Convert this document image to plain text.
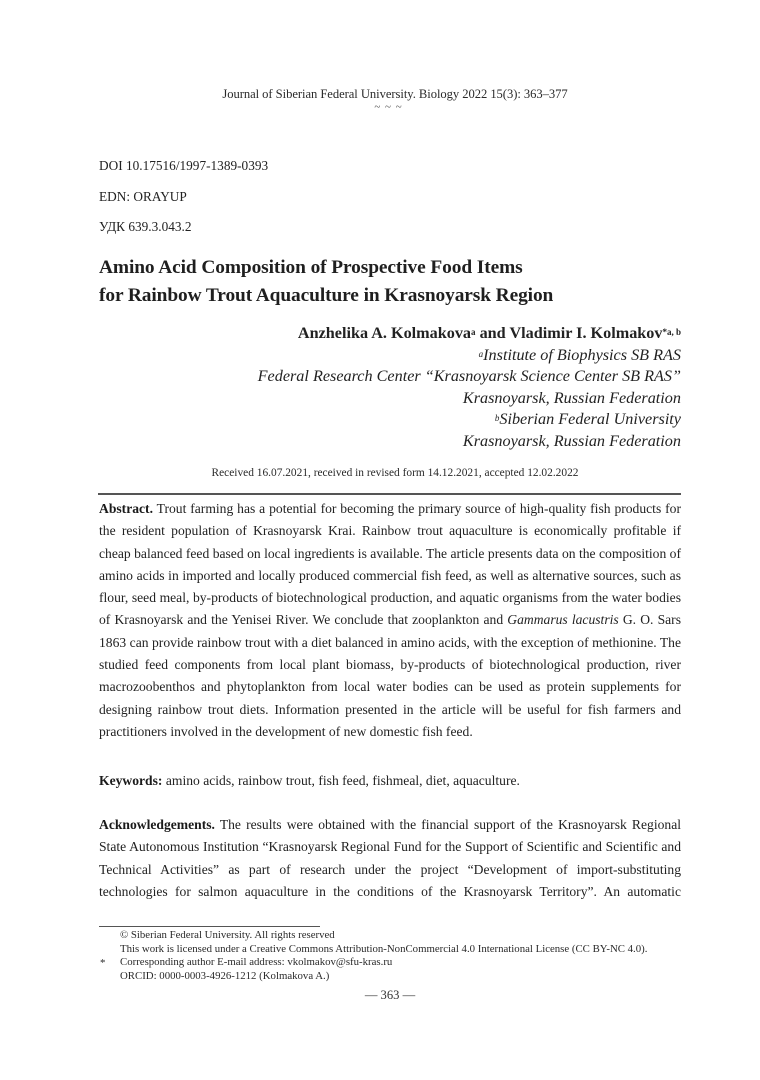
Journal of Siberian Federal University. Biology 2022 15(3): 363–377
~ ~ ~
DOI 10.17516/1997-1389-0393
EDN: ORAYUP
УДК 639.3.043.2
Amino Acid Composition of Prospective Food Items
for Rainbow Trout Aquaculture in Krasnoyarsk Region
Anzhelika A. Kolmakova$^a$ and Vladimir I. Kolmakov$^{*a, b}$
$^a$Institute of Biophysics SB RAS
Federal Research Center “Krasnoyarsk Science Center SB RAS”
Krasnoyarsk, Russian Federation
$^b$Siberian Federal University
Krasnoyarsk, Russian Federation
Received 16.07.2021, received in revised form 14.12.2021, accepted 12.02.2022
Abstract. Trout farming has a potential for becoming the primary source of high-quality fish products for the resident population of Krasnoyarsk Krai. Rainbow trout aquaculture is economically profitable if cheap balanced feed based on local ingredients is available. The article presents data on the composition of amino acids in imported and locally produced commercial fish feed, as well as alternative sources, such as flour, seed meal, by-products of biotechnological production, and aquatic organisms from the water bodies of Krasnoyarsk and the Yenisei River. We conclude that zooplankton and Gammarus lacustris G. O. Sars 1863 can provide rainbow trout with a diet balanced in amino acids, with the exception of methionine. The studied feed components from local plant biomass, by-products of biotechnological production, river macrozoobenthos and phytoplankton from local water bodies can be used as protein supplements for designing rainbow trout diets. Information presented in the article will be useful for fish farmers and practitioners involved in the development of new domestic fish feed.
Keywords: amino acids, rainbow trout, fish feed, fishmeal, diet, aquaculture.
Acknowledgements. The results were obtained with the financial support of the Krasnoyarsk Regional State Autonomous Institution “Krasnoyarsk Regional Fund for the Support of Scientific and Scientific and Technical Activities” as part of research under the project “Development of import-substituting technologies for salmon aquaculture in the conditions of the Krasnoyarsk Territory”. An automatic
© Siberian Federal University. All rights reserved
This work is licensed under a Creative Commons Attribution-NonCommercial 4.0 International License (CC BY-NC 4.0).
* Corresponding author E-mail address: vkolmakov@sfu-kras.ru
ORCID: 0000-0003-4926-1212 (Kolmakova A.)
— 363 —
